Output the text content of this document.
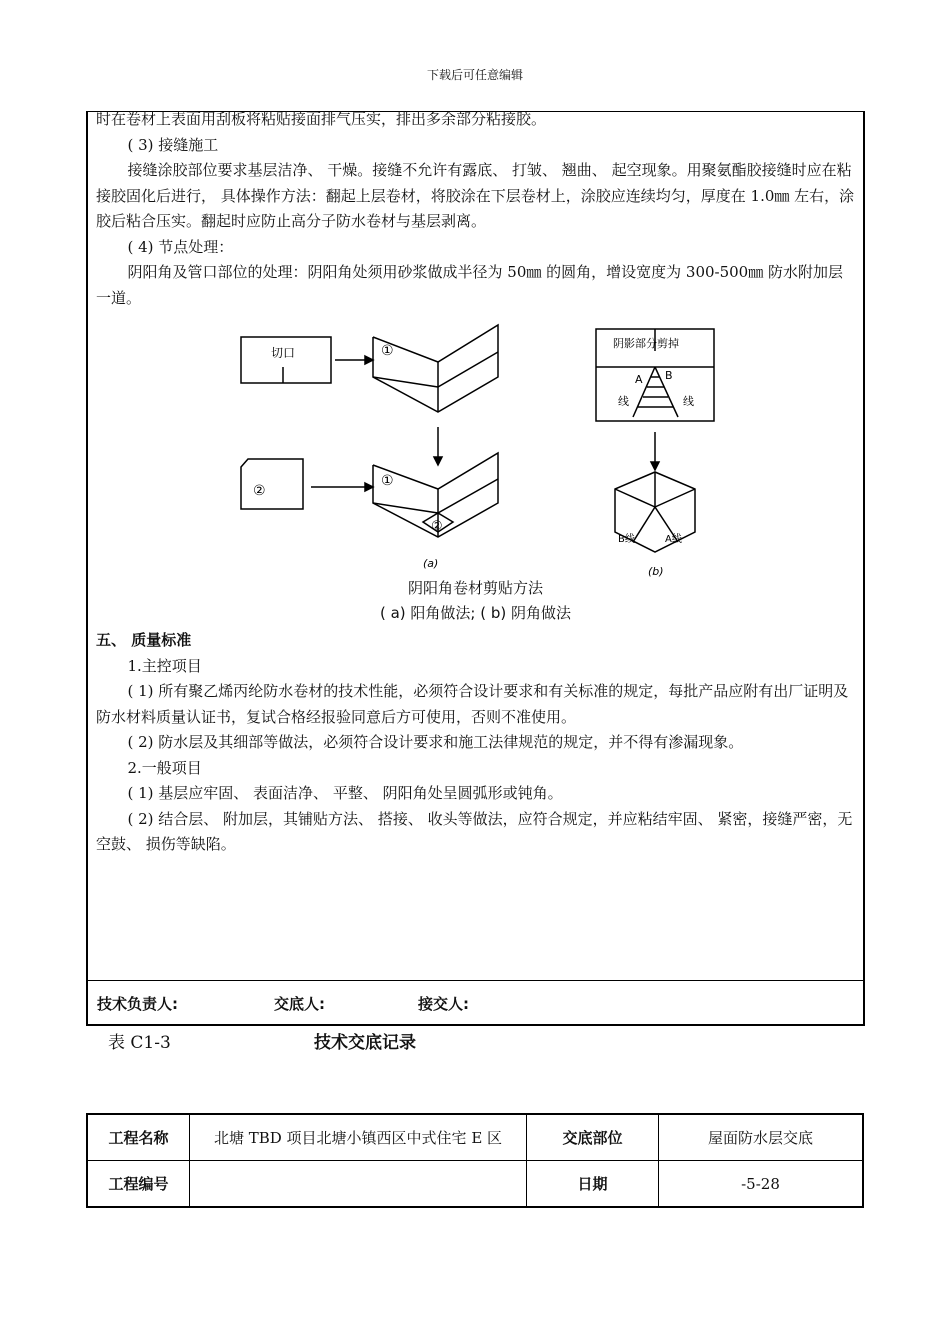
下载后可任意编辑

时在卷材上表面用刮板将粘贴接面排气压实，排出多余部分粘接胶。

( 3) 接缝施工

接缝涂胶部位要求基层洁净、 干燥。接缝不允许有露底、 打皱、 翘曲、 起空现象。用聚氨酯胶接缝时应在粘接胶固化后进行， 具体操作方法：翻起上层卷材，将胶涂在下层卷材上，涂胶应连续均匀，厚度在 1.0㎜ 左右，涂胶后粘合压实。翻起时应防止高分子防水卷材与基层剥离。

( 4) 节点处理：

阴阳角及管口部位的处理：阴阳角处须用砂浆做成半径为 50㎜ 的圆角，增设宽度为 300-500㎜ 防水附加层一道。

切口	①
②
①
②
(a)
阴影部分剪掉
A B
线	线
B线	A线
(b)
阴阳角卷材剪贴方法
( a) 阳角做法; ( b) 阴角做法

五、 质量标准

1.主控项目

( 1) 所有聚乙烯丙纶防水卷材的技术性能，必须符合设计要求和有关标准的规定，每批产品应附有出厂证明及防水材料质量认证书，复试合格经报验同意后方可使用，否则不准使用。

( 2) 防水层及其细部等做法，必须符合设计要求和施工法律规范的规定，并不得有渗漏现象。

2.一般项目

( 1) 基层应牢固、 表面洁净、 平整、 阴阳角处呈圆弧形或钝角。

( 2) 结合层、 附加层，其铺贴方法、 搭接、 收头等做法，应符合规定，并应粘结牢固、 紧密，接缝严密，无空鼓、 损伤等缺陷。

技术负责人:	交底人:	接交人:
表 C1-3	技术交底记录
工程名称	北塘 TBD 项目北塘小镇西区中式住宅 E 区	交底部位	屋面防水层交底
工程编号		日期	-5-28
